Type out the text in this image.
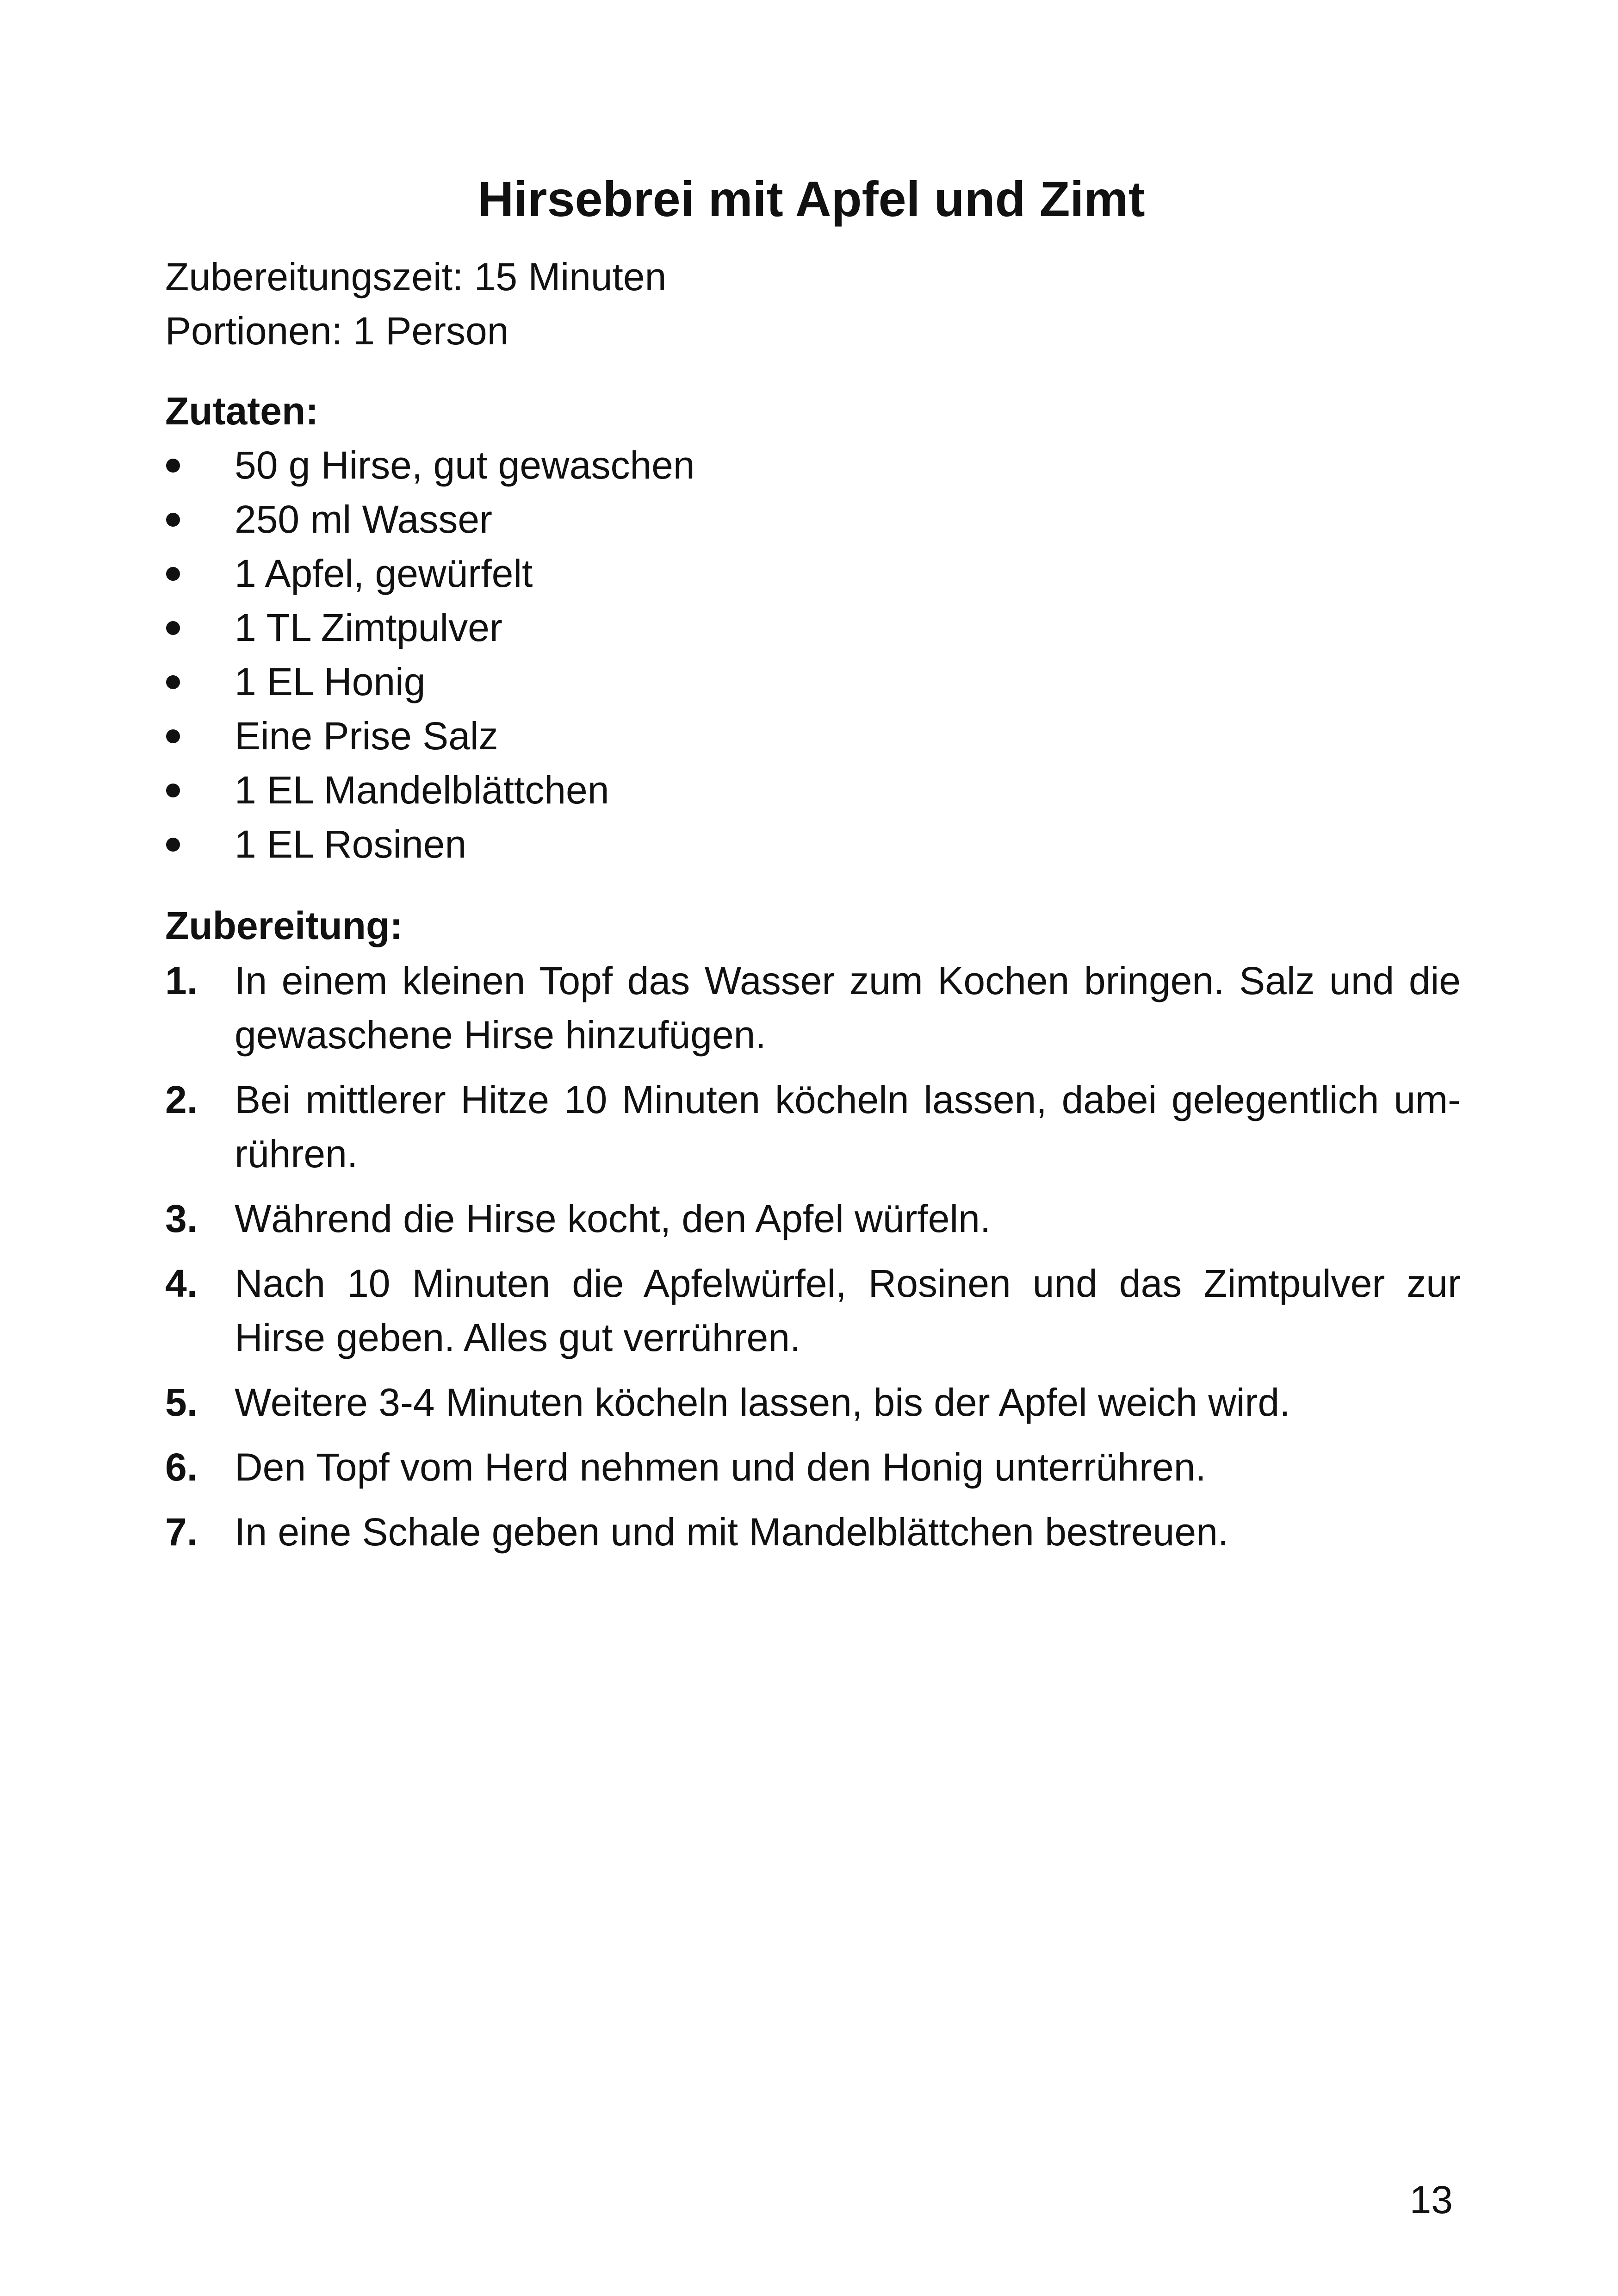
Hirsebrei mit Apfel und Zimt
Zubereitungszeit: 15 Minuten
Portionen: 1 Person
Zutaten:
50 g Hirse, gut gewaschen
250 ml Wasser
1 Apfel, gewürfelt
1 TL Zimtpulver
1 EL Honig
Eine Prise Salz
1 EL Mandelblättchen
1 EL Rosinen
Zubereitung:
1. In einem kleinen Topf das Wasser zum Kochen bringen. Salz und die gewaschene Hirse hinzufügen.
2. Bei mittlerer Hitze 10 Minuten köcheln lassen, dabei gelegentlich umrühren.
3. Während die Hirse kocht, den Apfel würfeln.
4. Nach 10 Minuten die Apfelwürfel, Rosinen und das Zimtpulver zur Hirse geben. Alles gut verrühren.
5. Weitere 3-4 Minuten köcheln lassen, bis der Apfel weich wird.
6. Den Topf vom Herd nehmen und den Honig unterrühren.
7. In eine Schale geben und mit Mandelblättchen bestreuen.
13
